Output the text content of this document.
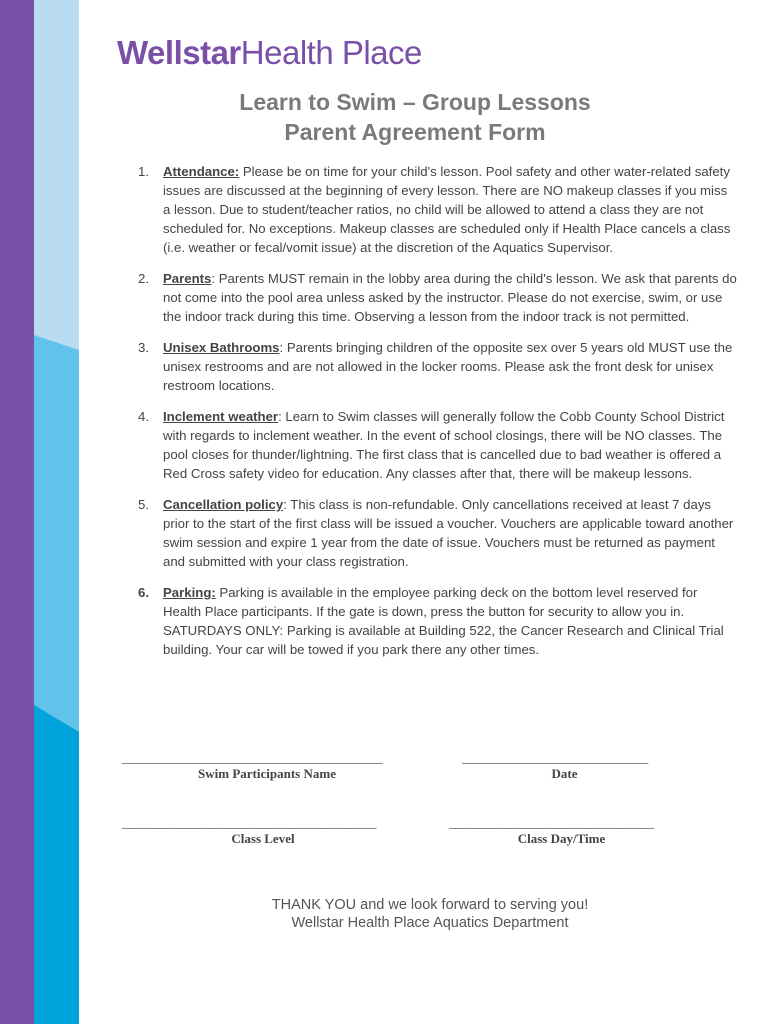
WellstarHealth Place
Learn to Swim – Group Lessons
Parent Agreement Form
1. Attendance: Please be on time for your child's lesson. Pool safety and other water-related safety issues are discussed at the beginning of every lesson. There are NO makeup classes if you miss a lesson. Due to student/teacher ratios, no child will be allowed to attend a class they are not scheduled for. No exceptions. Makeup classes are scheduled only if Health Place cancels a class (i.e. weather or fecal/vomit issue) at the discretion of the Aquatics Supervisor.
2. Parents: Parents MUST remain in the lobby area during the child's lesson. We ask that parents do not come into the pool area unless asked by the instructor. Please do not exercise, swim, or use the indoor track during this time. Observing a lesson from the indoor track is not permitted.
3. Unisex Bathrooms: Parents bringing children of the opposite sex over 5 years old MUST use the unisex restrooms and are not allowed in the locker rooms. Please ask the front desk for unisex restroom locations.
4. Inclement weather: Learn to Swim classes will generally follow the Cobb County School District with regards to inclement weather. In the event of school closings, there will be NO classes. The pool closes for thunder/lightning. The first class that is cancelled due to bad weather is offered a Red Cross safety video for education. Any classes after that, there will be makeup lessons.
5. Cancellation policy: This class is non-refundable. Only cancellations received at least 7 days prior to the start of the first class will be issued a voucher. Vouchers are applicable toward another swim session and expire 1 year from the date of issue. Vouchers must be returned as payment and submitted with your class registration.
6. Parking: Parking is available in the employee parking deck on the bottom level reserved for Health Place participants. If the gate is down, press the button for security to allow you in. SATURDAYS ONLY: Parking is available at Building 522, the Cancer Research and Clinical Trial building. Your car will be towed if you park there any other times.
__________________________________________
Swim Participants Name
______________________________
Date
_________________________________________
Class Level
_________________________________
Class Day/Time
THANK YOU and we look forward to serving you!
Wellstar Health Place Aquatics Department
